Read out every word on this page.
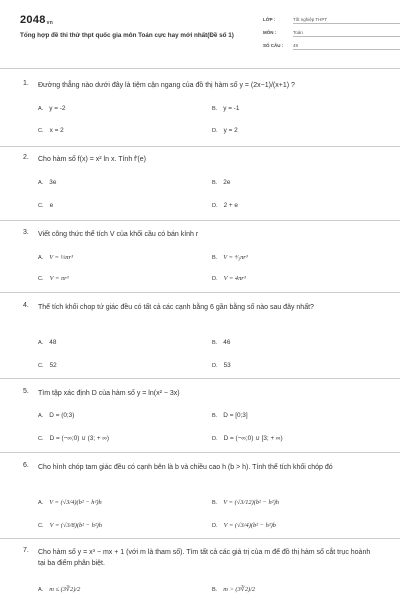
2048vn
Tổng hợp đề thi thử thpt quốc gia môn Toán cực hay mới nhất(Đề số 1)
LỚP :	Tốt nghiệp THPT
MÔN :	Toán
SỐ CÂU :	49
1. Đường thẳng nào dưới đây là tiệm cận ngang của đồ thị hàm số y = (2x−1)/(x+1) ?
A. y = -2	B. y = -1
C. x = 2	D. y = 2
2. Cho hàm số f(x) = x² ln x. Tính f′(e)
A. 3e	B. 2e
C. e	D. 2 + e
3. Viết công thức thể tích V của khối cầu có bán kính r
A. V = ⅓πr³	B. V = ⁴⁄₃πr³
C. V = πr³	D. V = 4πr³
4. Thể tích khối chop tứ giác đều có tất cả các cạnh bằng 6 gần bằng số nào sau đây nhất?
A. 48	B. 46
C. 52	D. 53
5. Tìm tập xác định D của hàm số y = ln(x² − 3x)
A. D = (0;3)	B. D = [0;3]
C. D = (−∞;0) ∪ (3; + ∞)	D. D = (−∞;0) ∪ [3; + ∞)
6. Cho hình chóp tam giác đều có cạnh bên là b và chiều cao h (b > h). Tính thể tích khối chóp đó
A. V = (√3/4)(b² − h²)h	B. V = (√3/12)(b² − h²)h
C. V = (√3/8)(b² − h²)h	D. V = (√3/4)(b² − h²)b
7. Cho hàm số y = x³ − mx + 1 (với m là tham số). Tìm tất cả các giá trị của m để đồ thị hàm số cắt trục hoành tại ba điểm phân biệt.
A. m ≤ (3∛2)/2	B. m > (3∛2)/2
